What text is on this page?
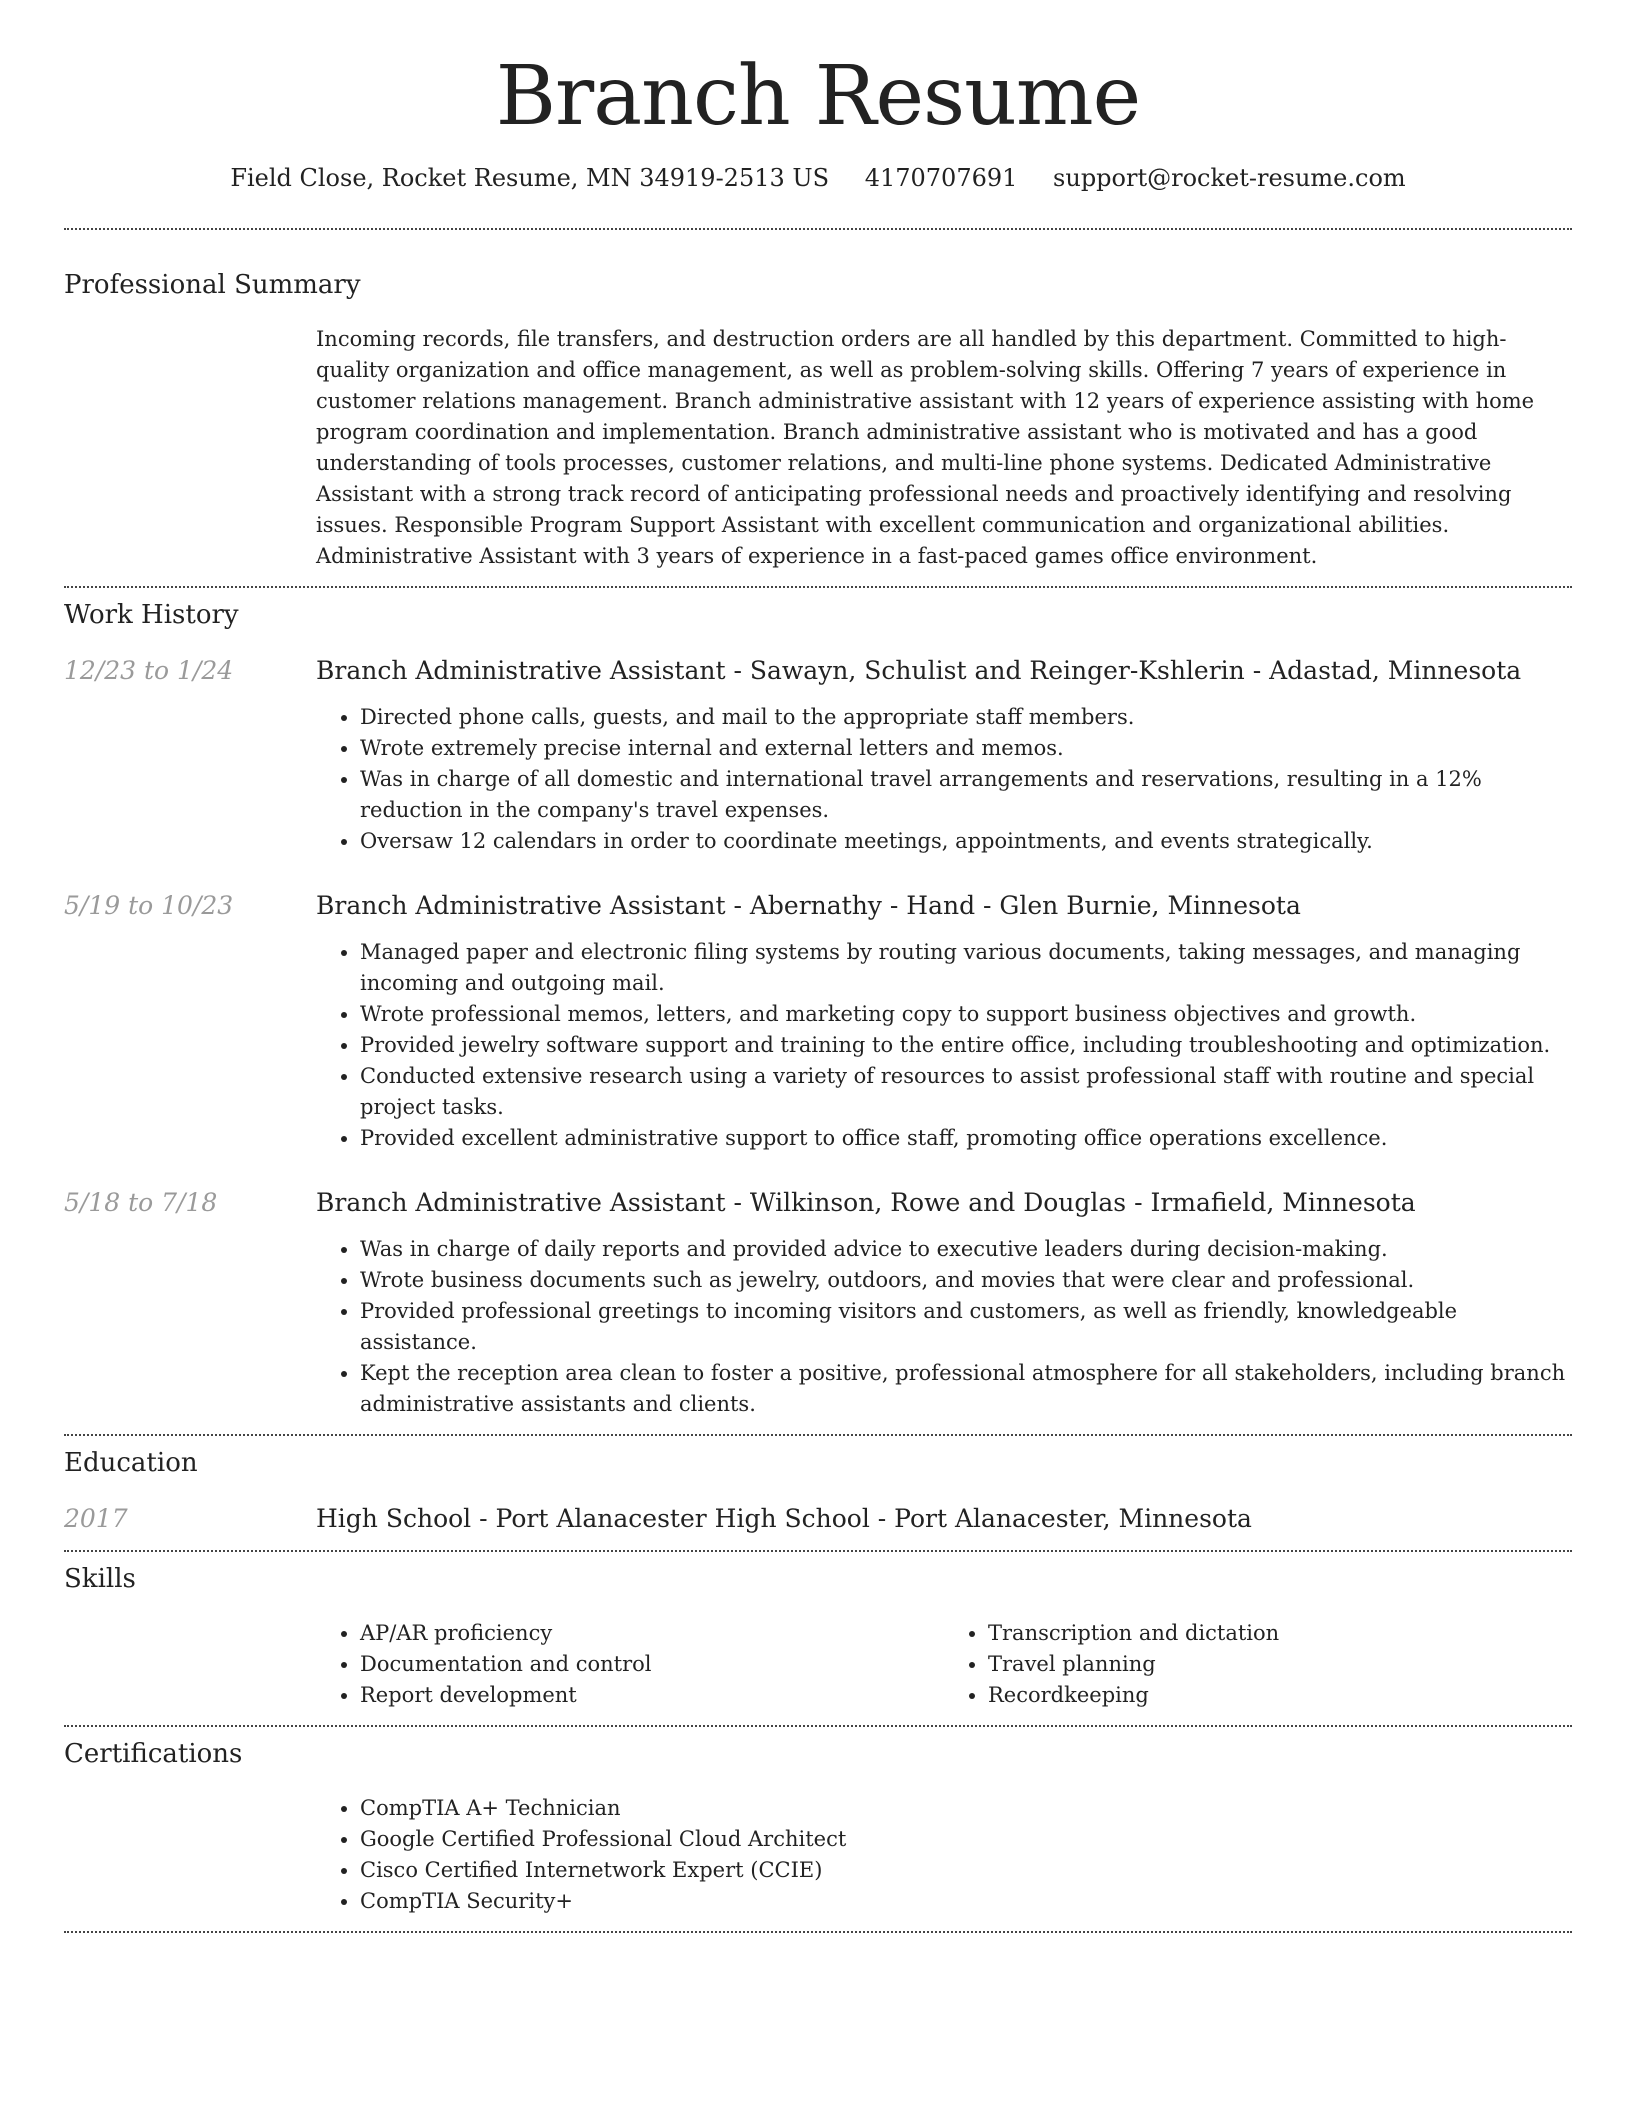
Branch Resume
Field Close, Rocket Resume, MN 34919-2513 US 4170707691 support@rocket-resume.com
Professional Summary
Incoming records, file transfers, and destruction orders are all handled by this department. Committed to high-quality organization and office management, as well as problem-solving skills. Offering 7 years of experience in customer relations management. Branch administrative assistant with 12 years of experience assisting with home program coordination and implementation. Branch administrative assistant who is motivated and has a good understanding of tools processes, customer relations, and multi-line phone systems. Dedicated Administrative Assistant with a strong track record of anticipating professional needs and proactively identifying and resolving issues. Responsible Program Support Assistant with excellent communication and organizational abilities. Administrative Assistant with 3 years of experience in a fast-paced games office environment.
Work History
12/23 to 1/24	Branch Administrative Assistant - Sawayn, Schulist and Reinger-Kshlerin - Adastad, Minnesota
• Directed phone calls, guests, and mail to the appropriate staff members.
• Wrote extremely precise internal and external letters and memos.
• Was in charge of all domestic and international travel arrangements and reservations, resulting in a 12% reduction in the company's travel expenses.
• Oversaw 12 calendars in order to coordinate meetings, appointments, and events strategically.
5/19 to 10/23	Branch Administrative Assistant - Abernathy - Hand - Glen Burnie, Minnesota
• Managed paper and electronic filing systems by routing various documents, taking messages, and managing incoming and outgoing mail.
• Wrote professional memos, letters, and marketing copy to support business objectives and growth.
• Provided jewelry software support and training to the entire office, including troubleshooting and optimization.
• Conducted extensive research using a variety of resources to assist professional staff with routine and special project tasks.
• Provided excellent administrative support to office staff, promoting office operations excellence.
5/18 to 7/18	Branch Administrative Assistant - Wilkinson, Rowe and Douglas - Irmafield, Minnesota
• Was in charge of daily reports and provided advice to executive leaders during decision-making.
• Wrote business documents such as jewelry, outdoors, and movies that were clear and professional.
• Provided professional greetings to incoming visitors and customers, as well as friendly, knowledgeable assistance.
• Kept the reception area clean to foster a positive, professional atmosphere for all stakeholders, including branch administrative assistants and clients.
Education
2017	High School - Port Alanacester High School - Port Alanacester, Minnesota
Skills
• AP/AR proficiency
• Documentation and control
• Report development
• Transcription and dictation
• Travel planning
• Recordkeeping
Certifications
• CompTIA A+ Technician
• Google Certified Professional Cloud Architect
• Cisco Certified Internetwork Expert (CCIE)
• CompTIA Security+
